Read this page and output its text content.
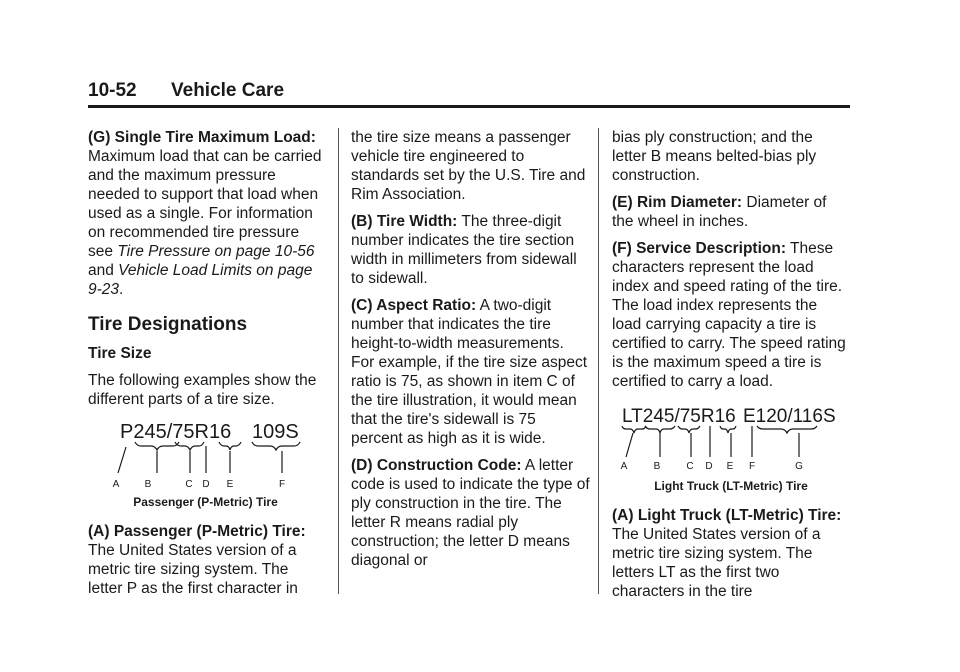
10-52 Vehicle Care

(G) Single Tire Maximum Load: Maximum load that can be carried and the maximum pressure needed to support that load when used as a single. For information on recommended tire pressure see Tire Pressure on page 10-56 and Vehicle Load Limits on page 9-23.

Tire Designations
Tire Size

The following examples show the different parts of a tire size.

P245/75R16 109S
A	B	C D E	F
Passenger (P-Metric) Tire

(A) Passenger (P-Metric) Tire: The United States version of a metric tire sizing system. The letter P as the first character in

the tire size means a passenger vehicle tire engineered to standards set by the U.S. Tire and Rim Association.

(B) Tire Width: The three-digit number indicates the tire section width in millimeters from sidewall to sidewall.

(C) Aspect Ratio: A two-digit number that indicates the tire height-to-width measurements. For example, if the tire size aspect ratio is 75, as shown in item C of the tire illustration, it would mean that the tire's sidewall is 75 percent as high as it is wide.

(D) Construction Code: A letter code is used to indicate the type of ply construction in the tire. The letter R means radial ply construction; the letter D means diagonal or

bias ply construction; and the letter B means belted-bias ply construction.

(E) Rim Diameter: Diameter of the wheel in inches.

(F) Service Description: These characters represent the load index and speed rating of the tire. The load index represents the load carrying capacity a tire is certified to carry. The speed rating is the maximum speed a tire is certified to carry a load.

LT245/75R16 E120/116S
A	B	C D E F	G
Light Truck (LT-Metric) Tire

(A) Light Truck (LT-Metric) Tire: The United States version of a metric tire sizing system. The letters LT as the first two characters in the tire
